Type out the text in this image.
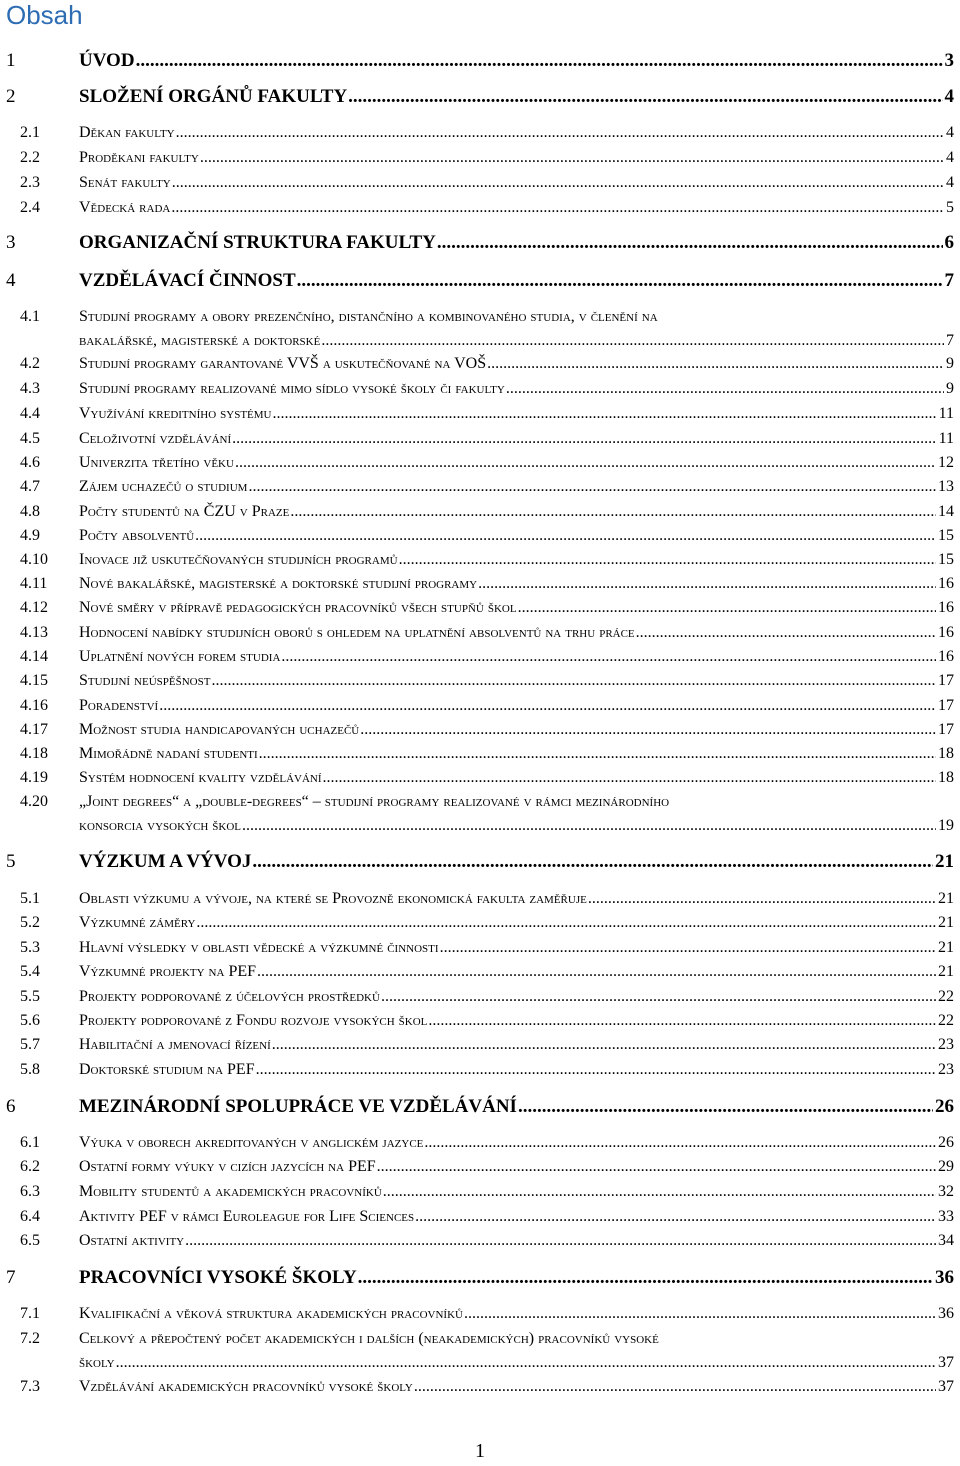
Obsah
1	ÚVOD .....	3
2	SLOŽENÍ ORGÁNŮ FAKULTY .....	4
2.1 Děkan fakulty .....	4
2.2 Proděkani fakulty .....	4
2.3 Senát fakulty .....	4
2.4 Vědecká rada .....	5
3	ORGANIZAČNÍ STRUKTURA FAKULTY .....	6
4	VZDĚLÁVACÍ ČINNOST .....	7
4.1 Studijní programy a obory prezenčního, distančního a kombinovaného studia, v členění na
bakalářské, magisterské a doktorské .....	7
4.2 Studijní programy garantované VVŠ a uskutečňované na VOŠ .....	9
4.3 Studijní programy realizované mimo sídlo vysoké školy či fakulty .....	9
4.4 Využívání kreditního systému .....	11
4.5 Celoživotní vzdělávání .....	11
4.6 Univerzita třetího věku .....	12
4.7 Zájem uchazečů o studium .....	13
4.8 Počty studentů na ČZU v Praze .....	14
4.9 Počty absolventů .....	15
4.10 Inovace již uskutečňovaných studijních programů .....	15
4.11 Nové bakalářské, magisterské a doktorské studijní programy .....	16
4.12 Nové směry v přípravě pedagogických pracovníků všech stupňů škol .....	16
4.13 Hodnocení nabídky studijních oborů s ohledem na uplatnění absolventů na trhu práce .....	16
4.14 Uplatnění nových forem studia .....	16
4.15 Studijní neúspěšnost .....	17
4.16 Poradenství .....	17
4.17 Možnost studia handicapovaných uchazečů .....	17
4.18 Mimořádně nadaní studenti .....	18
4.19 Systém hodnocení kvality vzdělávání .....	18
4.20 „Joint degrees“ a „double-degrees“ – studijní programy realizované v rámci mezinárodního
konsorcia vysokých škol .....	19
5	VÝZKUM A VÝVOJ .....	21
5.1 Oblasti výzkumu a vývoje, na které se Provozně ekonomická fakulta zaměřuje .....	21
5.2 Výzkumné záměry .....	21
5.3 Hlavní výsledky v oblasti vědecké a výzkumné činnosti .....	21
5.4 Výzkumné projekty na PEF .....	21
5.5 Projekty podporované z účelových prostředků .....	22
5.6 Projekty podporované z Fondu rozvoje vysokých škol .....	22
5.7 Habilitační a jmenovací řízení .....	23
5.8 Doktorské studium na PEF .....	23
6	MEZINÁRODNÍ SPOLUPRÁCE VE VZDĚLÁVÁNÍ .....	26
6.1 Výuka v oborech akreditovaných v anglickém jazyce .....	26
6.2 Ostatní formy výuky v cizích jazycích na PEF .....	29
6.3 Mobility studentů a akademických pracovníků .....	32
6.4 Aktivity PEF v rámci Euroleague for Life Sciences .....	33
6.5 Ostatní aktivity .....	34
7	PRACOVNÍCI VYSOKÉ ŠKOLY .....	36
7.1 Kvalifikační a věková struktura akademických pracovníků .....	36
7.2 Celkový a přepočtený počet akademických i dalších (neakademických) pracovníků vysoké
školy .....	37
7.3 Vzdělávání akademických pracovníků vysoké školy .....	37
1
